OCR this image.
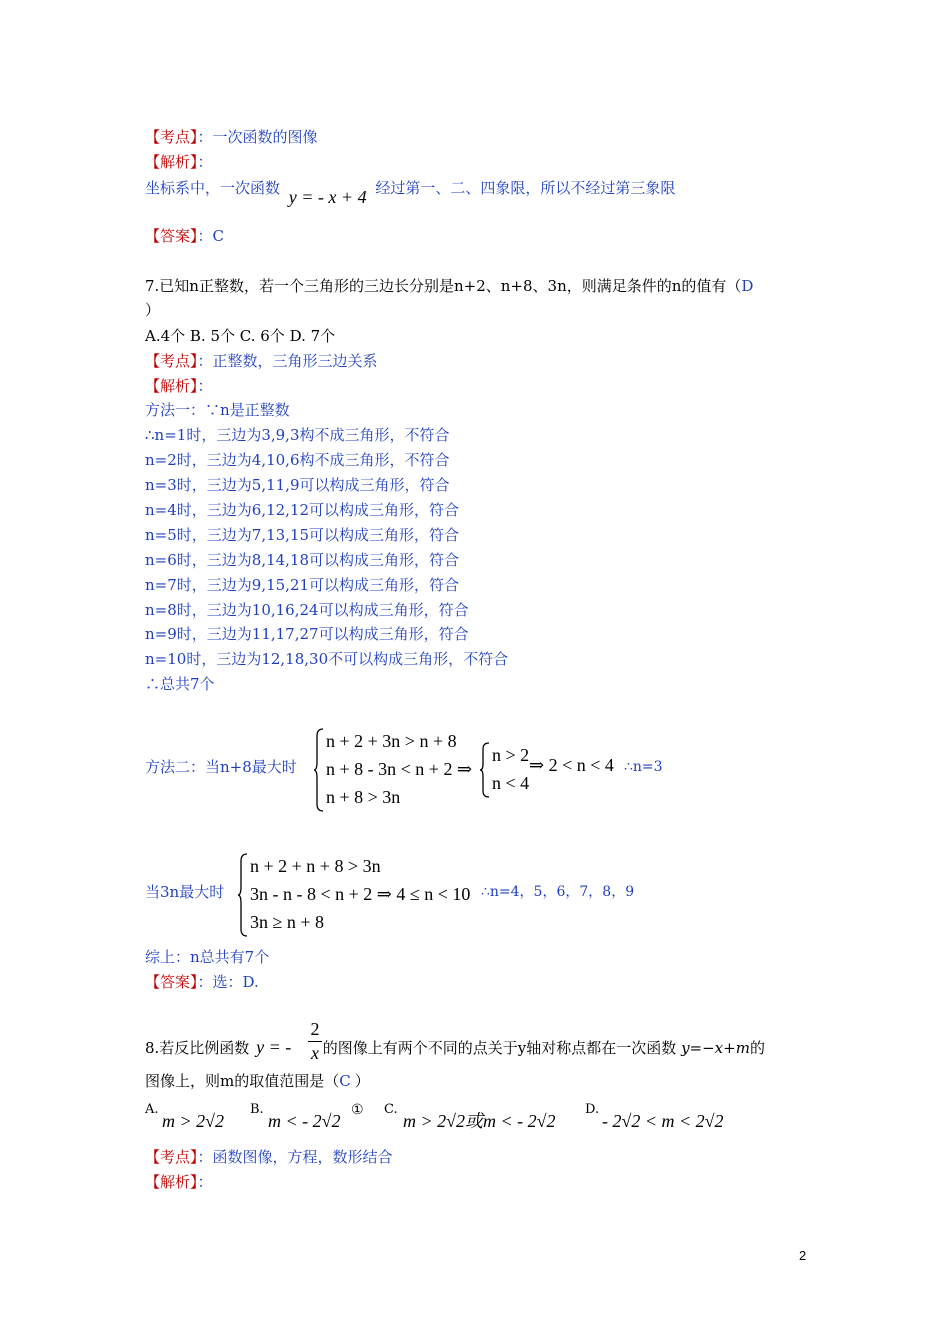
【考点】：一次函数的图像
【解析】：
坐标系中，一次函数 y = - x + 4 经过第一、二、四象限，所以不经过第三象限
【答案】：C
7.已知n正整数，若一个三角形的三边长分别是n+2、n+8、3n，则满足条件的n的值有（D
）
A.4个 B. 5个 C. 6个 D. 7个
【考点】：正整数，三角形三边关系
【解析】：
方法一：∵n是正整数
∴n=1时，三边为3,9,3构不成三角形，不符合
n=2时，三边为4,10,6构不成三角形，不符合
n=3时，三边为5,11,9可以构成三角形，符合
n=4时，三边为6,12,12可以构成三角形，符合
n=5时，三边为7,13,15可以构成三角形，符合
n=6时，三边为8,14,18可以构成三角形，符合
n=7时，三边为9,15,21可以构成三角形，符合
n=8时，三边为10,16,24可以构成三角形，符合
n=9时，三边为11,17,27可以构成三角形，符合
n=10时，三边为12,18,30不可以构成三角形，不符合
∴总共7个
方法二：当n+8最大时
n + 2 + 3n > n + 8
n + 8 - 3n < n + 2 ⇒
n + 8 > 3n
n > 2
n < 4
⇒ 2 < n < 4 ∴n=3
当3n最大时
n + 2 + n + 8 > 3n
3n - n - 8 < n + 2 ⇒ 4 ≤ n < 10
3n ≥ n + 8
∴n=4，5，6，7，8，9
综上：n总共有7个
【答案】：选：D.
8.若反比例函数 y = - 的图像上有两个不同的点关于y轴对称点都在一次函数 y=−x+m的
2
x
图像上，则m的取值范围是（C ）
A.
m > 2√2
B.
m < - 2√2
① C.
m > 2√2或m < - 2√2
D.
- 2√2 < m < 2√2
【考点】：函数图像，方程，数形结合
【解析】：
2
